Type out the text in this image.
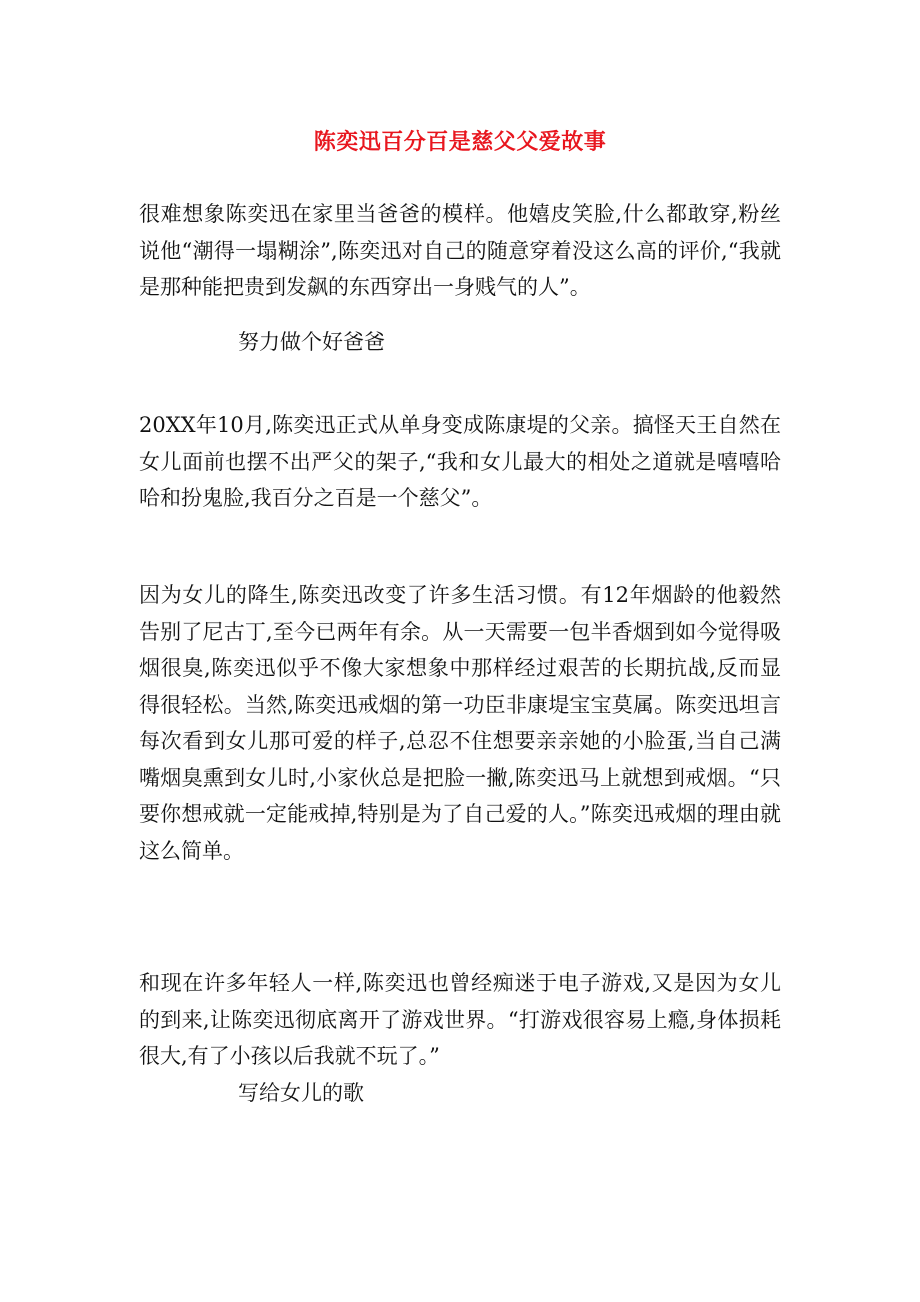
陈奕迅百分百是慈父父爱故事

很难想象陈奕迅在家里当爸爸的模样。他嬉皮笑脸,什么都敢穿,粉丝说他“潮得一塌糊涂”,陈奕迅对自己的随意穿着没这么高的评价,“我就是那种能把贵到发飙的东西穿出一身贱气的人”。

努力做个好爸爸

20XX年10月,陈奕迅正式从单身变成陈康堤的父亲。搞怪天王自然在女儿面前也摆不出严父的架子,“我和女儿最大的相处之道就是嘻嘻哈哈和扮鬼脸,我百分之百是一个慈父”。

因为女儿的降生,陈奕迅改变了许多生活习惯。有12年烟龄的他毅然告别了尼古丁,至今已两年有余。从一天需要一包半香烟到如今觉得吸烟很臭,陈奕迅似乎不像大家想象中那样经过艰苦的长期抗战,反而显得很轻松。当然,陈奕迅戒烟的第一功臣非康堤宝宝莫属。陈奕迅坦言每次看到女儿那可爱的样子,总忍不住想要亲亲她的小脸蛋,当自己满嘴烟臭熏到女儿时,小家伙总是把脸一撇,陈奕迅马上就想到戒烟。“只要你想戒就一定能戒掉,特别是为了自己爱的人。”陈奕迅戒烟的理由就这么简单。

和现在许多年轻人一样,陈奕迅也曾经痴迷于电子游戏,又是因为女儿的到来,让陈奕迅彻底离开了游戏世界。“打游戏很容易上瘾,身体损耗很大,有了小孩以后我就不玩了。”

写给女儿的歌
